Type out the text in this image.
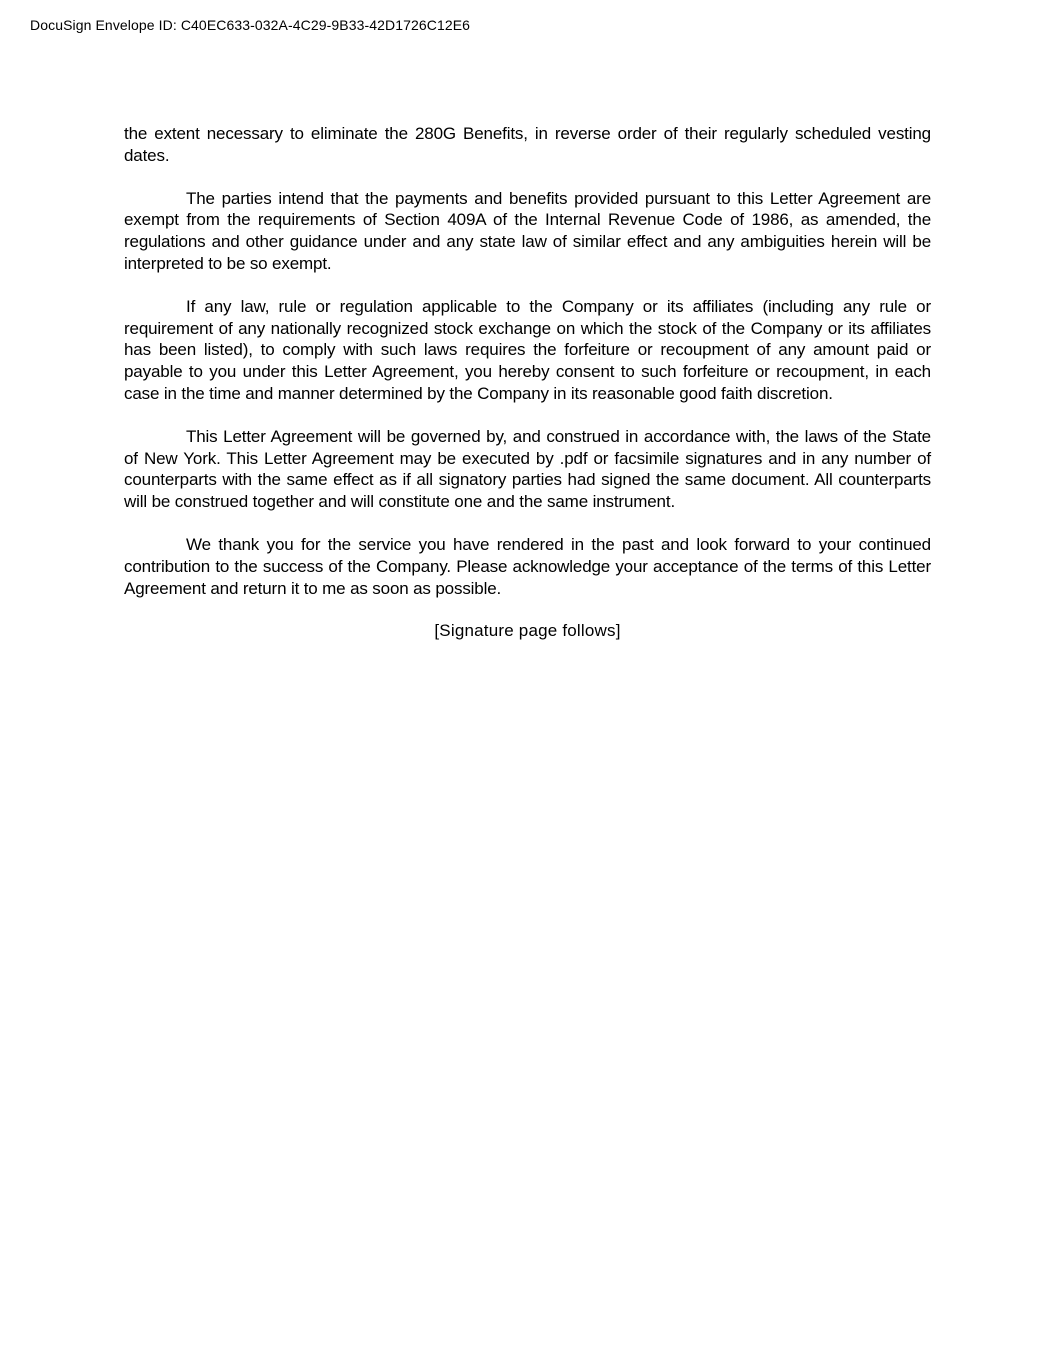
DocuSign Envelope ID: C40EC633-032A-4C29-9B33-42D1726C12E6

the extent necessary to eliminate the 280G Benefits, in reverse order of their regularly scheduled vesting dates.

The parties intend that the payments and benefits provided pursuant to this Letter Agreement are exempt from the requirements of Section 409A of the Internal Revenue Code of 1986, as amended, the regulations and other guidance under and any state law of similar effect and any ambiguities herein will be interpreted to be so exempt.

If any law, rule or regulation applicable to the Company or its affiliates (including any rule or requirement of any nationally recognized stock exchange on which the stock of the Company or its affiliates has been listed), to comply with such laws requires the forfeiture or recoupment of any amount paid or payable to you under this Letter Agreement, you hereby consent to such forfeiture or recoupment, in each case in the time and manner determined by the Company in its reasonable good faith discretion.

This Letter Agreement will be governed by, and construed in accordance with, the laws of the State of New York. This Letter Agreement may be executed by .pdf or facsimile signatures and in any number of counterparts with the same effect as if all signatory parties had signed the same document. All counterparts will be construed together and will constitute one and the same instrument.

We thank you for the service you have rendered in the past and look forward to your continued contribution to the success of the Company. Please acknowledge your acceptance of the terms of this Letter Agreement and return it to me as soon as possible.

[Signature page follows]
